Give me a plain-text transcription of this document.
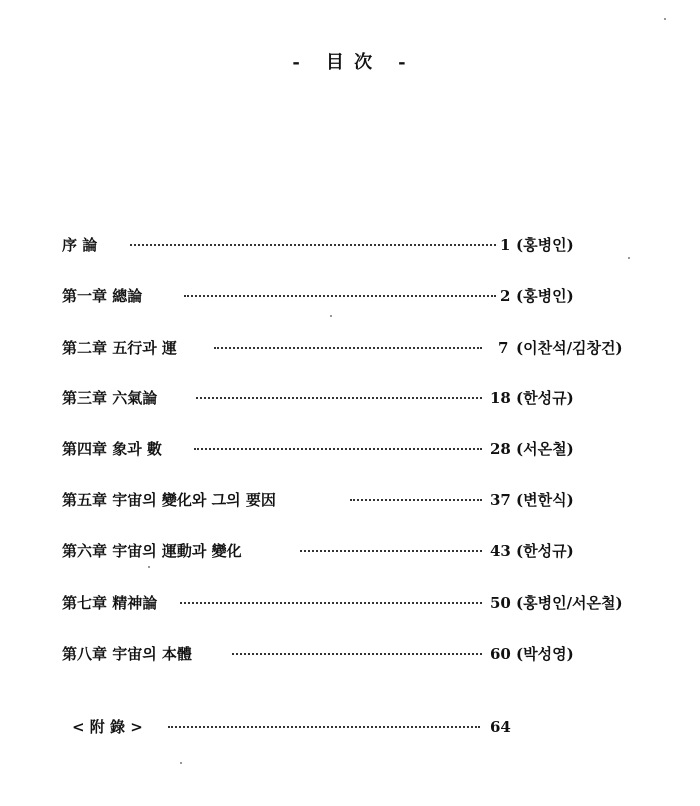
- 目 次 -
序 論	1 (홍병인)
第一章 總論	2 (홍병인)
第二章 五行과 運	7 (이찬석/김창건)
第三章 六氣論	18 (한성규)
第四章 象과 數	28 (서온철)
第五章 宇宙의 變化와 그의 要因	37 (변한식)
第六章 宇宙의 運動과 變化	43 (한성규)
第七章 精神論	50 (홍병인/서온철)
第八章 宇宙의 本體	60 (박성영)
< 附 錄 >	64
